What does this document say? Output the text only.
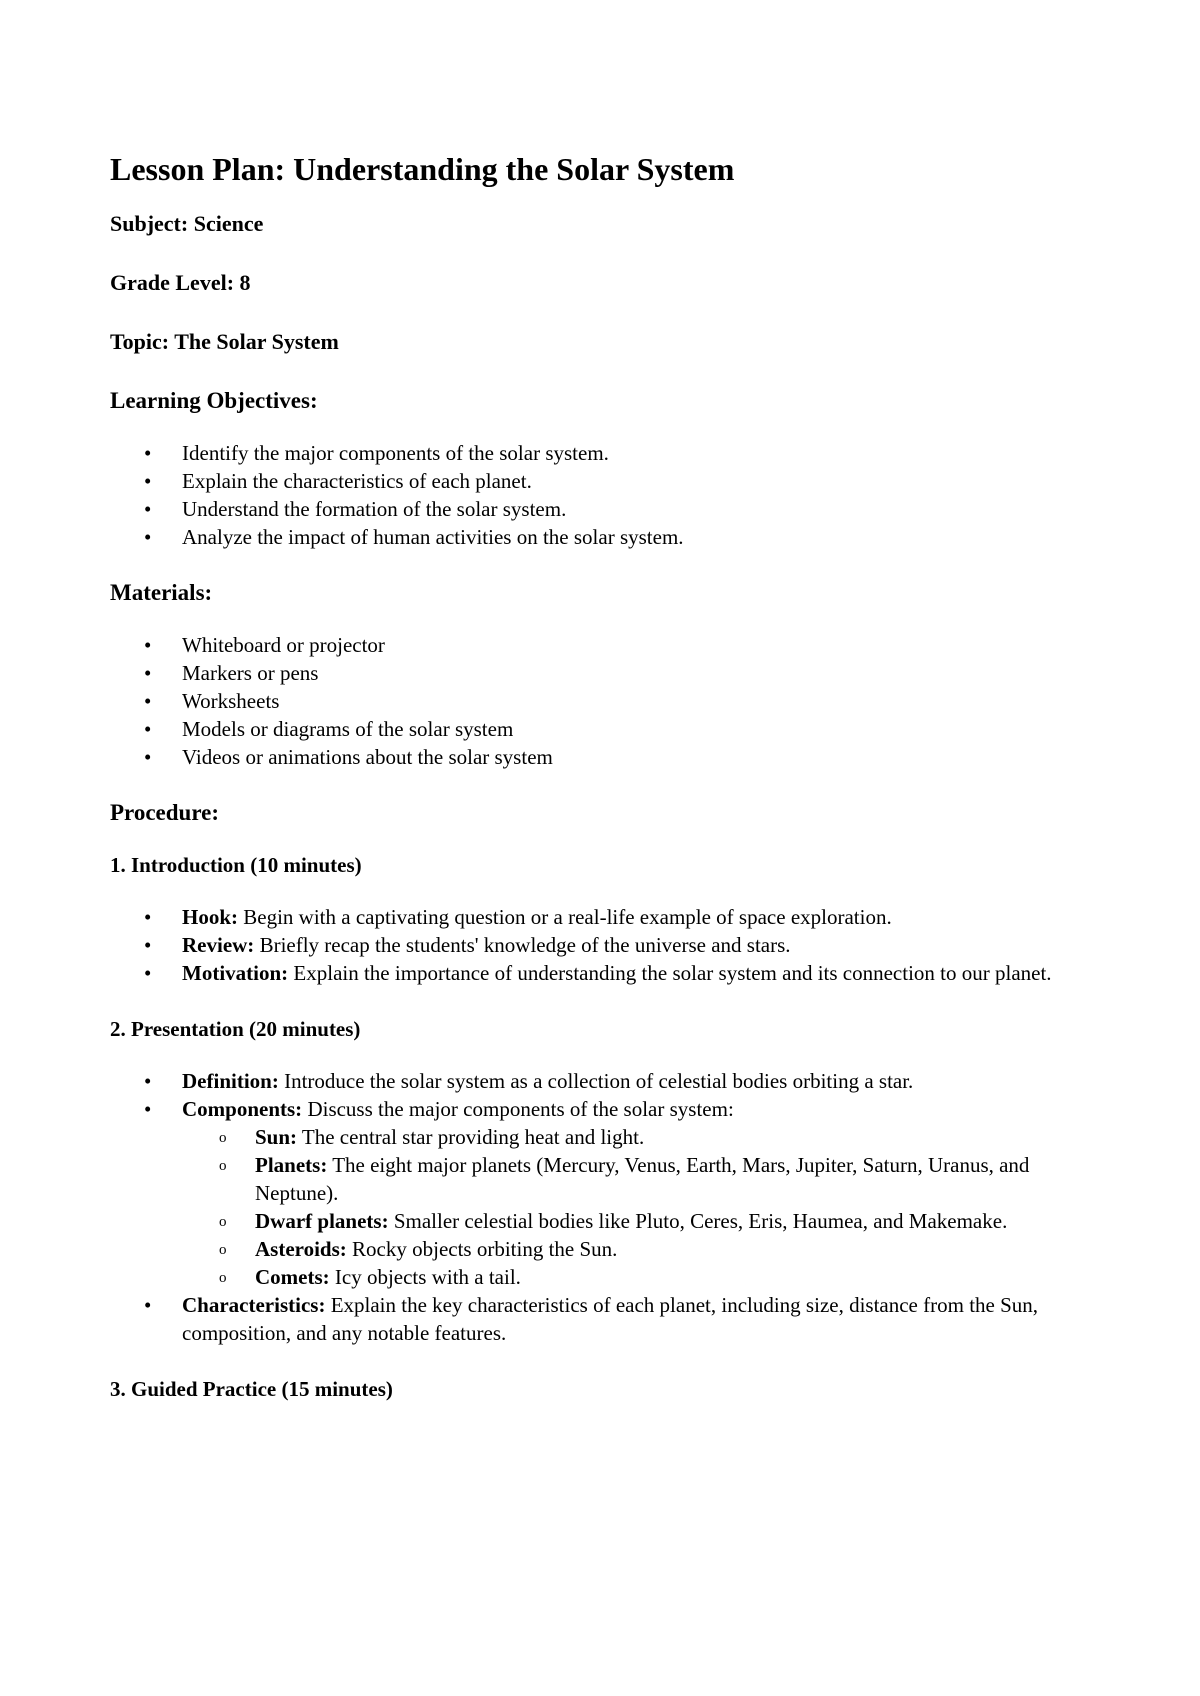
Lesson Plan: Understanding the Solar System
Subject: Science
Grade Level: 8
Topic: The Solar System
Learning Objectives:
• Identify the major components of the solar system.
• Explain the characteristics of each planet.
• Understand the formation of the solar system.
• Analyze the impact of human activities on the solar system.
Materials:
• Whiteboard or projector
• Markers or pens
• Worksheets
• Models or diagrams of the solar system
• Videos or animations about the solar system
Procedure:
1. Introduction (10 minutes)
• Hook: Begin with a captivating question or a real-life example of space exploration.
• Review: Briefly recap the students' knowledge of the universe and stars.
• Motivation: Explain the importance of understanding the solar system and its connection to our planet.
2. Presentation (20 minutes)
• Definition: Introduce the solar system as a collection of celestial bodies orbiting a star.
• Components: Discuss the major components of the solar system:
o Sun: The central star providing heat and light.
o Planets: The eight major planets (Mercury, Venus, Earth, Mars, Jupiter, Saturn, Uranus, and Neptune).
o Dwarf planets: Smaller celestial bodies like Pluto, Ceres, Eris, Haumea, and Makemake.
o Asteroids: Rocky objects orbiting the Sun.
o Comets: Icy objects with a tail.
• Characteristics: Explain the key characteristics of each planet, including size, distance from the Sun, composition, and any notable features.
3. Guided Practice (15 minutes)
